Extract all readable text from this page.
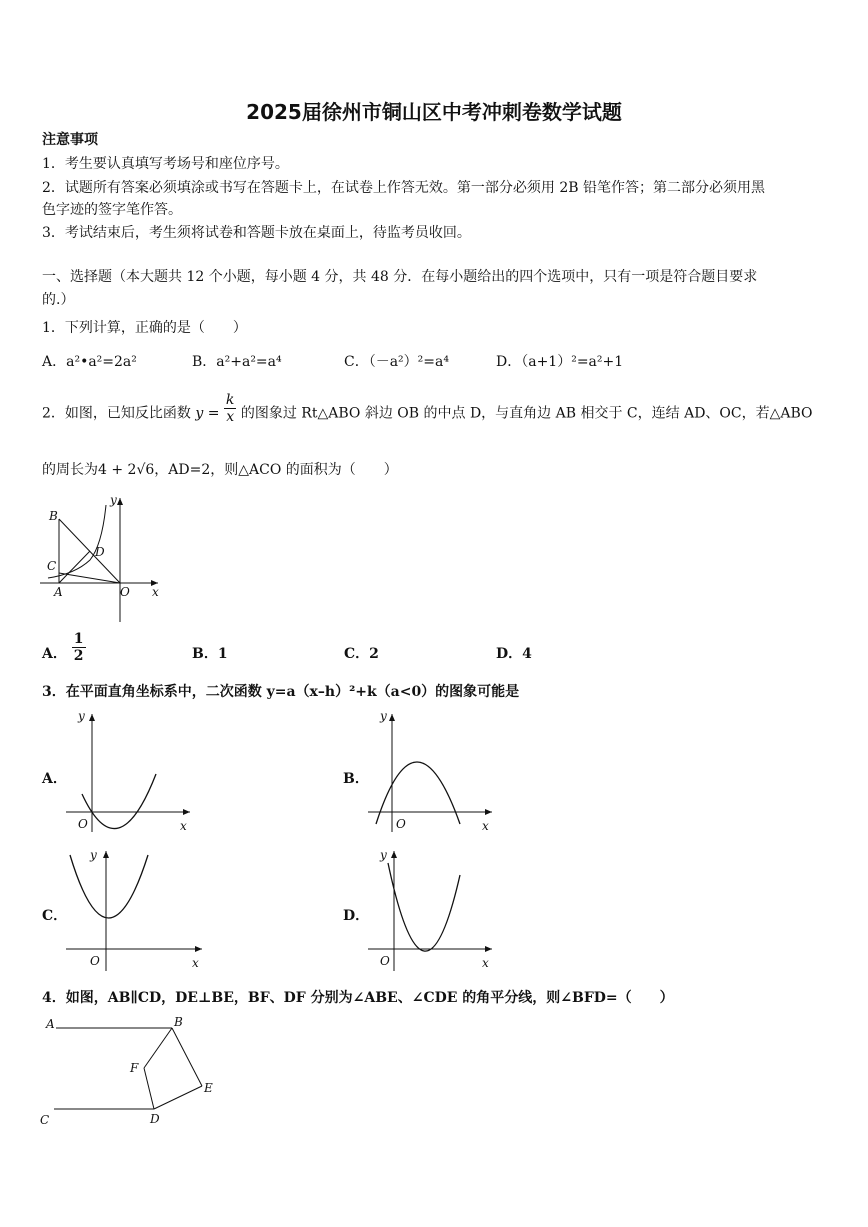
2025届徐州市铜山区中考冲刺卷数学试题
注意事项
1．考生要认真填写考场号和座位序号。
2．试题所有答案必须填涂或书写在答题卡上，在试卷上作答无效。第一部分必须用 2B 铅笔作答；第二部分必须用黑
色字迹的签字笔作答。
3．考试结束后，考生须将试卷和答题卡放在桌面上，待监考员收回。
一、选择题（本大题共 12 个小题，每小题 4 分，共 48 分．在每小题给出的四个选项中，只有一项是符合题目要求
的.）
1．下列计算，正确的是（　　）
A．a²•a²=2a²	B．a²+a²=a⁴	C．（－a²）²=a⁴	D．（a+1）²=a²+1
2．如图，已知反比函数 $y = \frac{k}{x}$ 的图象过 Rt△ABO 斜边 OB 的中点 D，与直角边 AB 相交于 C，连结 AD、OC，若△ABO
的周长为4 + 2√6，AD=2，则△ACO 的面积为（　　）
B
C
D
A	O x
y
A． $\frac{1}{2}$	B．1	C．2	D．4
3．在平面直角坐标系中，二次函数 y=a（x–h）²+k（a<0）的图象可能是
A．
O	x
y
B．
O	x
y
C．
O	x
y
D．
O	x
y
4．如图，AB∥CD，DE⊥BE，BF、DF 分别为∠ABE、∠CDE 的角平分线，则∠BFD=（　　）
A	B
C	D
E
F
